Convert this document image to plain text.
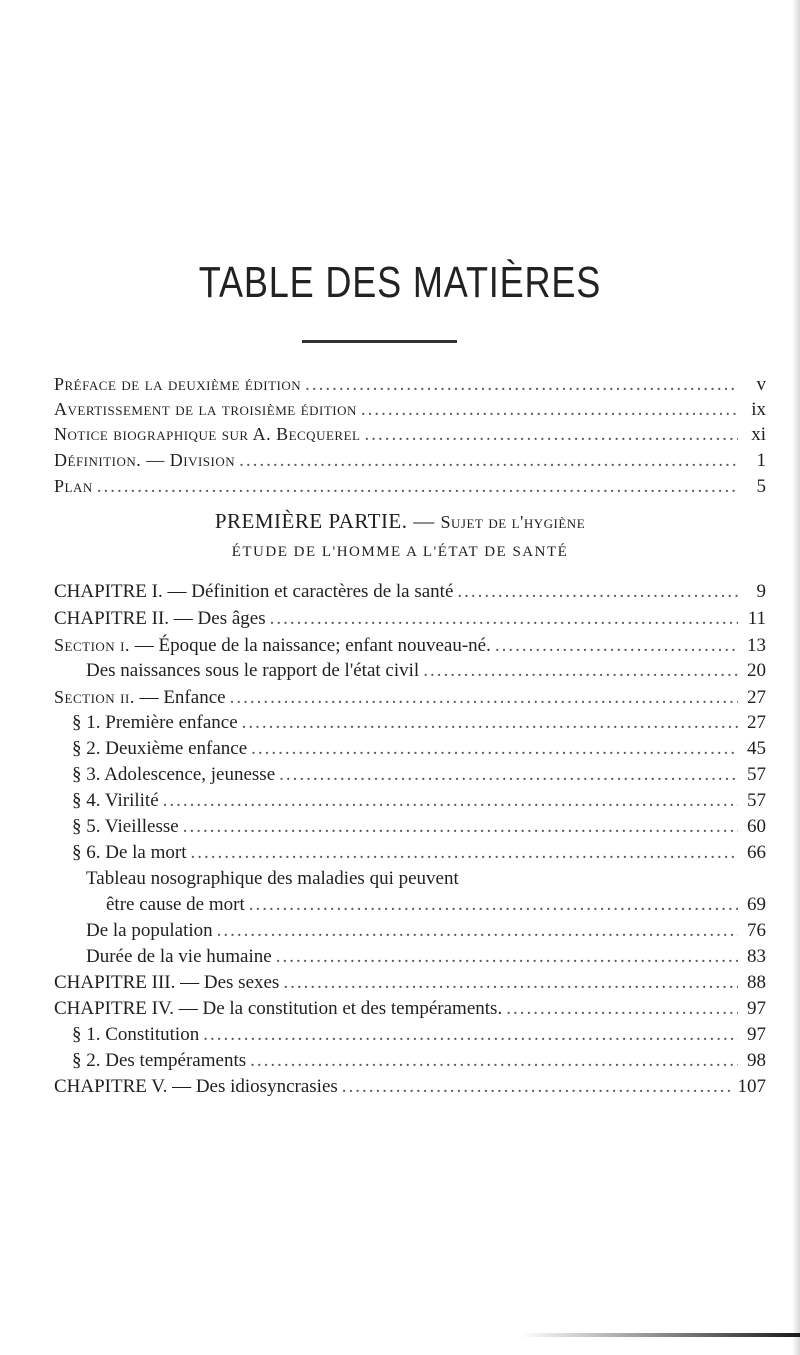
TABLE DES MATIÈRES
Préface de la deuxième édition .....	v
Avertissement de la troisième édition .....	ix
Notice biographique sur A. Becquerel .....	xi
Définition. — Division .....	1
Plan .....	5
PREMIÈRE PARTIE. — Sujet de l'hygiène
ÉTUDE DE L'HOMME A L'ÉTAT DE SANTÉ
CHAPITRE I. — Définition et caractères de la santé .....	9
CHAPITRE II. — Des âges .....	11
Section i. — Époque de la naissance; enfant nouveau-né. .....	13
Des naissances sous le rapport de l'état civil .....	20
Section ii. — Enfance .....	27
§ 1. Première enfance .....	27
§ 2. Deuxième enfance .....	45
§ 3. Adolescence, jeunesse .....	57
§ 4. Virilité .....	57
§ 5. Vieillesse .....	60
§ 6. De la mort .....	66
Tableau nosographique des maladies qui peuvent
être cause de mort .....	69
De la population .....	76
Durée de la vie humaine .....	83
CHAPITRE III. — Des sexes .....	88
CHAPITRE IV. — De la constitution et des tempéraments. .....	97
§ 1. Constitution .....	97
§ 2. Des tempéraments .....	98
CHAPITRE V. — Des idiosyncrasies .....	107
